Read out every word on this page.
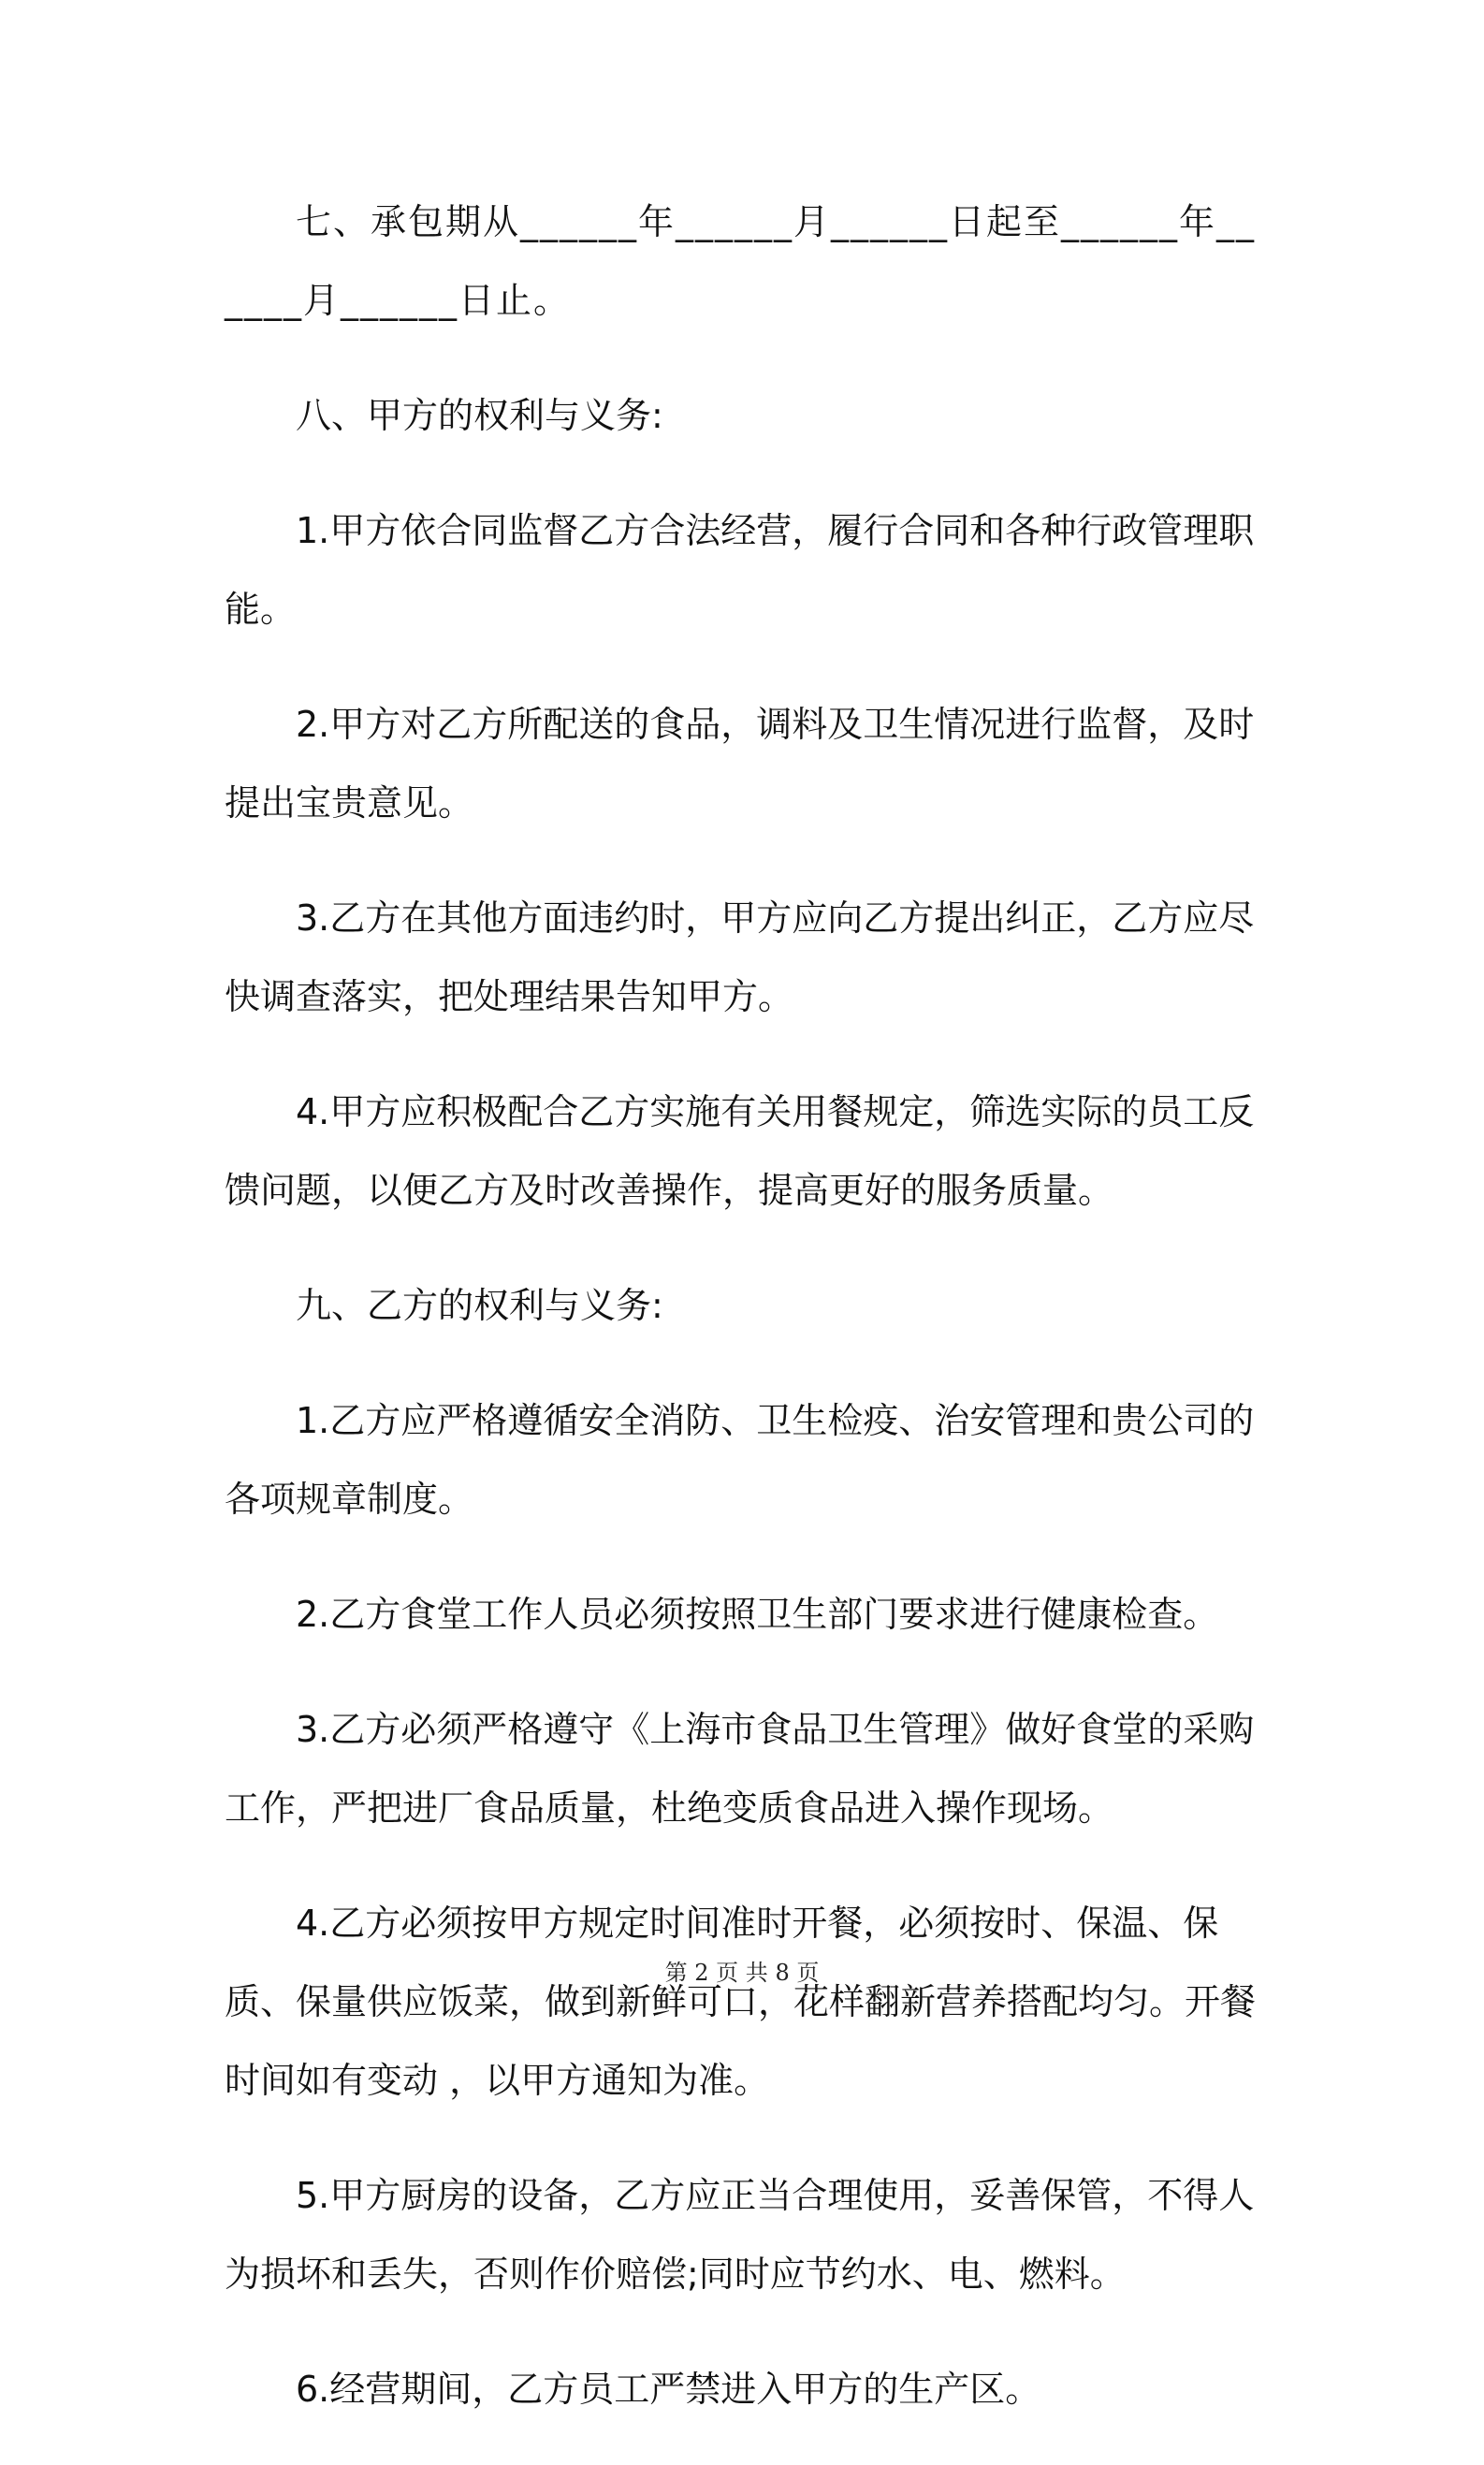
七、承包期从______年______月______日起至______年______月______日止。

八、甲方的权利与义务:

1.甲方依合同监督乙方合法经营，履行合同和各种行政管理职能。

2.甲方对乙方所配送的食品，调料及卫生情况进行监督，及时提出宝贵意见。

3.乙方在其他方面违约时，甲方应向乙方提出纠正，乙方应尽快调查落实，把处理结果告知甲方。

4.甲方应积极配合乙方实施有关用餐规定，筛选实际的员工反馈问题，以便乙方及时改善操作，提高更好的服务质量。

九、乙方的权利与义务:

1.乙方应严格遵循安全消防、卫生检疫、治安管理和贵公司的各项规章制度。

2.乙方食堂工作人员必须按照卫生部门要求进行健康检查。

3.乙方必须严格遵守《上海市食品卫生管理》做好食堂的采购工作，严把进厂食品质量，杜绝变质食品进入操作现场。

4.乙方必须按甲方规定时间准时开餐，必须按时、保温、保质、保量供应饭菜，做到新鲜可口，花样翻新营养搭配均匀。开餐时间如有变动 ，以甲方通知为准。

5.甲方厨房的设备，乙方应正当合理使用，妥善保管，不得人为损坏和丢失，否则作价赔偿;同时应节约水、电、燃料。

6.经营期间，乙方员工严禁进入甲方的生产区。

第 2 页 共 8 页
